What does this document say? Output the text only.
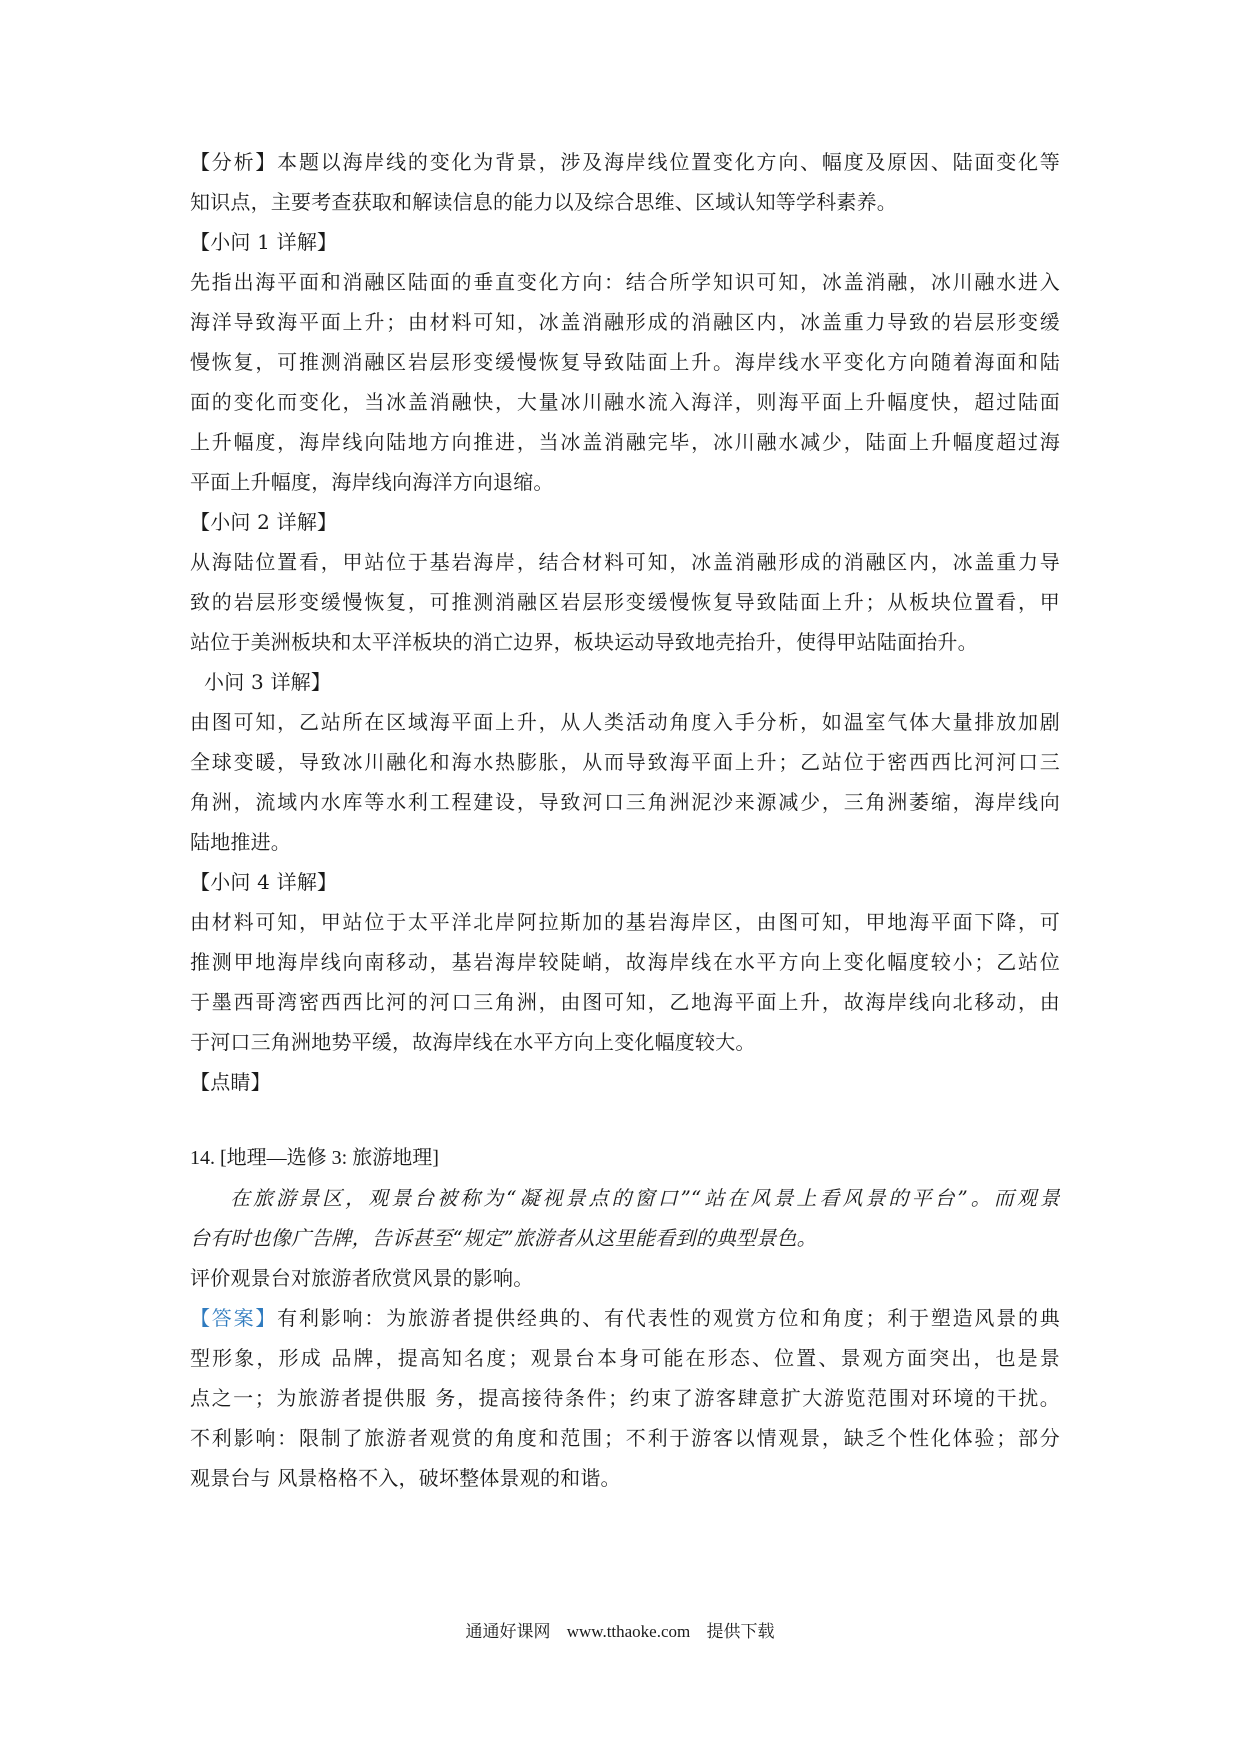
【分析】本题以海岸线的变化为背景，涉及海岸线位置变化方向、幅度及原因、陆面变化等

知识点，主要考查获取和解读信息的能力以及综合思维、区域认知等学科素养。

【小问 1 详解】

先指出海平面和消融区陆面的垂直变化方向：结合所学知识可知，冰盖消融，冰川融水进入

海洋导致海平面上升；由材料可知，冰盖消融形成的消融区内，冰盖重力导致的岩层形变缓

慢恢复，可推测消融区岩层形变缓慢恢复导致陆面上升。海岸线水平变化方向随着海面和陆

面的变化而变化，当冰盖消融快，大量冰川融水流入海洋，则海平面上升幅度快，超过陆面

上升幅度，海岸线向陆地方向推进，当冰盖消融完毕，冰川融水减少，陆面上升幅度超过海

平面上升幅度，海岸线向海洋方向退缩。

【小问 2 详解】

从海陆位置看，甲站位于基岩海岸，结合材料可知，冰盖消融形成的消融区内，冰盖重力导

致的岩层形变缓慢恢复，可推测消融区岩层形变缓慢恢复导致陆面上升；从板块位置看，甲

站位于美洲板块和太平洋板块的消亡边界，板块运动导致地壳抬升，使得甲站陆面抬升。

小问 3 详解】

由图可知，乙站所在区域海平面上升，从人类活动角度入手分析，如温室气体大量排放加剧

全球变暖，导致冰川融化和海水热膨胀，从而导致海平面上升；乙站位于密西西比河河口三

角洲，流域内水库等水利工程建设，导致河口三角洲泥沙来源减少，三角洲萎缩，海岸线向

陆地推进。

【小问 4 详解】

由材料可知，甲站位于太平洋北岸阿拉斯加的基岩海岸区，由图可知，甲地海平面下降，可

推测甲地海岸线向南移动，基岩海岸较陡峭，故海岸线在水平方向上变化幅度较小；乙站位

于墨西哥湾密西西比河的河口三角洲，由图可知，乙地海平面上升，故海岸线向北移动，由

于河口三角洲地势平缓，故海岸线在水平方向上变化幅度较大。

【点睛】

14. [地理—选修 3: 旅游地理]

在旅游景区，观景台被称为“凝视景点的窗口”“站在风景上看风景的平台”。而观景

台有时也像广告牌，告诉甚至“规定”旅游者从这里能看到的典型景色。

评价观景台对旅游者欣赏风景的影响。

【答案】有利影响：为旅游者提供经典的、有代表性的观赏方位和角度；利于塑造风景的典

型形象，形成 品牌，提高知名度；观景台本身可能在形态、位置、景观方面突出，也是景

点之一；为旅游者提供服 务，提高接待条件；约束了游客肆意扩大游览范围对环境的干扰。

不利影响：限制了旅游者观赏的角度和范围；不利于游客以情观景，缺乏个性化体验；部分

观景台与 风景格格不入，破坏整体景观的和谐。

通通好课网 www.tthaoke.com 提供下载
